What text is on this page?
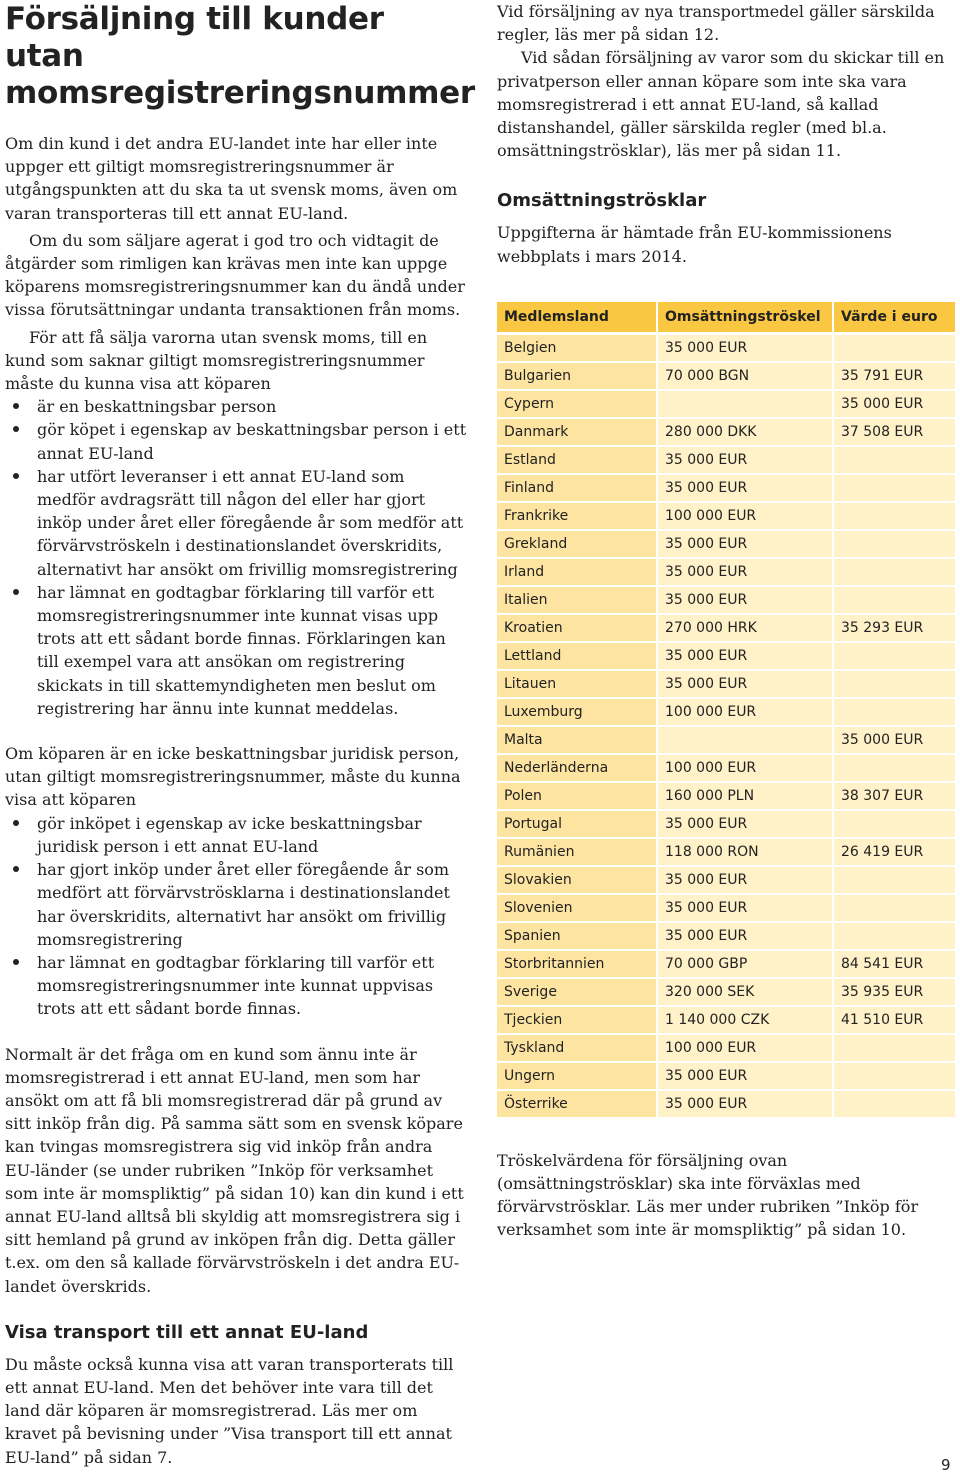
Försäljning till kunder utan
momsregistreringsnummer

Om din kund i det andra EU-landet inte har eller inte uppger ett giltigt momsregistreringsnummer är utgångspunkten att du ska ta ut svensk moms, även om varan transporteras till ett annat EU-land.

Om du som säljare agerat i god tro och vidtagit de åtgärder som rimligen kan krävas men inte kan uppge köparens momsregistreringsnummer kan du ändå under vissa förutsättningar undanta transaktionen från moms.

För att få sälja varorna utan svensk moms, till en kund som saknar giltigt momsregistreringsnummer måste du kunna visa att köparen

är en beskattningsbar person
gör köpet i egenskap av beskattningsbar person i ett annat EU-land
har utfört leveranser i ett annat EU-land som medför avdragsrätt till någon del eller har gjort inköp under året eller föregående år som medför att förvärvströskeln i destinationslandet överskridits, alternativt har ansökt om frivillig momsregistrering
har lämnat en godtagbar förklaring till varför ett momsregistreringsnummer inte kunnat visas upp trots att ett sådant borde finnas. Förklaringen kan till exempel vara att ansökan om registrering skickats in till skattemyndigheten men beslut om registrering har ännu inte kunnat meddelas.

Om köparen är en icke beskattningsbar juridisk person, utan giltigt momsregistreringsnummer, måste du kunna visa att köparen

gör inköpet i egenskap av icke beskattningsbar juridisk person i ett annat EU-land
har gjort inköp under året eller föregående år som medfört att förvärvströsklarna i destinationslandet har överskridits, alternativt har ansökt om frivillig momsregistrering
har lämnat en godtagbar förklaring till varför ett momsregistreringsnummer inte kunnat uppvisas trots att ett sådant borde finnas.

Normalt är det fråga om en kund som ännu inte är momsregistrerad i ett annat EU-land, men som har ansökt om att få bli momsregistrerad där på grund av sitt inköp från dig. På samma sätt som en svensk köpare kan tvingas momsregistrera sig vid inköp från andra EU-länder (se under rubriken ”Inköp för verksamhet som inte är momspliktig” på sidan 10) kan din kund i ett annat EU-land alltså bli skyldig att momsregistrera sig i sitt hemland på grund av inköpen från dig. Detta gäller t.ex. om den så kallade förvärvströskeln i det andra EU-landet överskrids.

Visa transport till ett annat EU-land

Du måste också kunna visa att varan transporterats till ett annat EU-land. Men det behöver inte vara till det land där köparen är momsregistrerad. Läs mer om kravet på bevisning under ”Visa transport till ett annat EU-land” på sidan 7.

Vid försäljning av nya transportmedel gäller särskilda regler, läs mer på sidan 12.

Vid sådan försäljning av varor som du skickar till en privatperson eller annan köpare som inte ska vara momsregistrerad i ett annat EU-land, så kallad distanshandel, gäller särskilda regler (med bl.a. omsättningströsklar), läs mer på sidan 11.

Omsättningströsklar

Uppgifterna är hämtade från EU-kommissionens webbplats i mars 2014.

Medlemsland	Omsättningströskel	Värde i euro
Belgien	35 000 EUR	
Bulgarien	70 000 BGN	35 791 EUR
Cypern		35 000 EUR
Danmark	280 000 DKK	37 508 EUR
Estland	35 000 EUR	
Finland	35 000 EUR	
Frankrike	100 000 EUR	
Grekland	35 000 EUR	
Irland	35 000 EUR	
Italien	35 000 EUR	
Kroatien	270 000 HRK	35 293 EUR
Lettland	35 000 EUR	
Litauen	35 000 EUR	
Luxemburg	100 000 EUR	
Malta		35 000 EUR
Nederländerna	100 000 EUR	
Polen	160 000 PLN	38 307 EUR
Portugal	35 000 EUR	
Rumänien	118 000 RON	26 419 EUR
Slovakien	35 000 EUR	
Slovenien	35 000 EUR	
Spanien	35 000 EUR	
Storbritannien	70 000 GBP	84 541 EUR
Sverige	320 000 SEK	35 935 EUR
Tjeckien	1 140 000 CZK	41 510 EUR
Tyskland	100 000 EUR	
Ungern	35 000 EUR	
Österrike	35 000 EUR	

Tröskelvärdena för försäljning ovan (omsättningströsklar) ska inte förväxlas med förvärvströsklar. Läs mer under rubriken ”Inköp för verksamhet som inte är momspliktig” på sidan 10.

9
